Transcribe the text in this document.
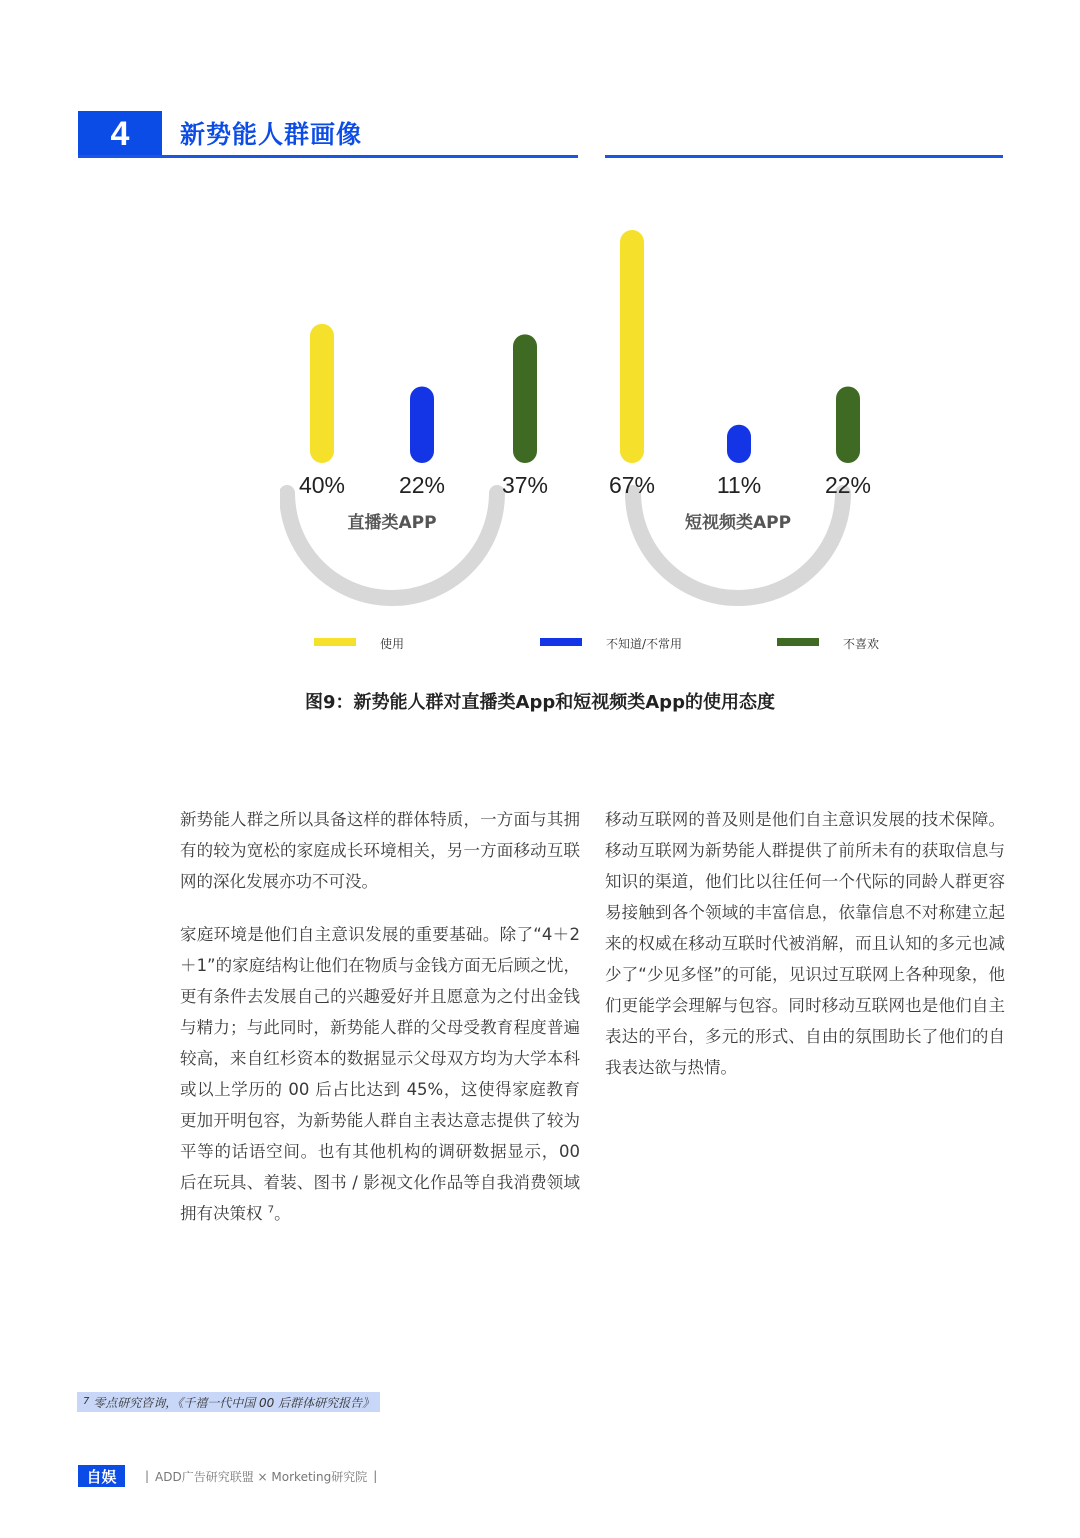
4	新势能人群画像
直播类APP
40% 22% 37%
短视频类APP
67%	11%	22%
使用	不知道/不常用	不喜欢
图9：新势能人群对直播类App和短视频类App的使用态度

新势能人群之所以具备这样的群体特质，一方面与其拥有的较为宽松的家庭成长环境相关，另一方面移动互联网的深化发展亦功不可没。

家庭环境是他们自主意识发展的重要基础。除了“4＋2＋1”的家庭结构让他们在物质与金钱方面无后顾之忧，更有条件去发展自己的兴趣爱好并且愿意为之付出金钱与精力；与此同时，新势能人群的父母受教育程度普遍较高，来自红杉资本的数据显示父母双方均为大学本科或以上学历的 00 后占比达到 45%，这使得家庭教育更加开明包容，为新势能人群自主表达意志提供了较为平等的话语空间。也有其他机构的调研数据显示，00 后在玩具、着装、图书 / 影视文化作品等自我消费领域拥有决策权 $^7$。

移动互联网的普及则是他们自主意识发展的技术保障。移动互联网为新势能人群提供了前所未有的获取信息与知识的渠道，他们比以往任何一个代际的同龄人群更容易接触到各个领域的丰富信息，依靠信息不对称建立起来的权威在移动互联时代被消解，而且认知的多元也减少了“少见多怪”的可能，见识过互联网上各种现象，他们更能学会理解与包容。同时移动互联网也是他们自主表达的平台，多元的形式、自由的氛围助长了他们的自我表达欲与热情。

7
零点研究咨询，《千禧一代中国 00 后群体研究报告》
自娱	| ADD广告研究联盟 × Morketing研究院 |
